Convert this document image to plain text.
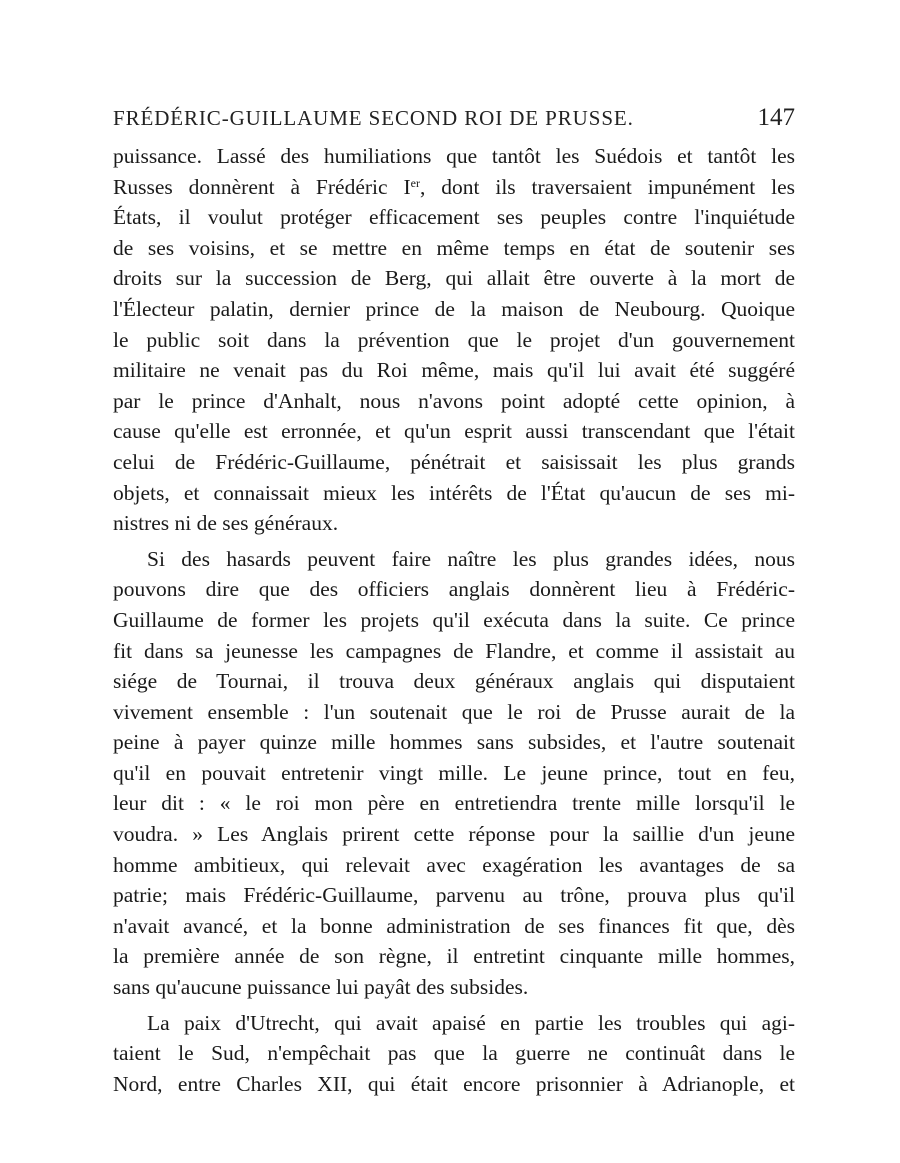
FRÉDÉRIC-GUILLAUME SECOND ROI DE PRUSSE.	147
puissance. Lassé des humiliations que tantôt les Suédois et tantôt les
Russes donnèrent à Frédéric Ier, dont ils traversaient impunément les
États, il voulut protéger efficacement ses peuples contre l'inquiétude
de ses voisins, et se mettre en même temps en état de soutenir ses
droits sur la succession de Berg, qui allait être ouverte à la mort de
l'Électeur palatin, dernier prince de la maison de Neubourg. Quoique
le public soit dans la prévention que le projet d'un gouvernement
militaire ne venait pas du Roi même, mais qu'il lui avait été suggéré
par le prince d'Anhalt, nous n'avons point adopté cette opinion, à
cause qu'elle est erronnée, et qu'un esprit aussi transcendant que l'était
celui de Frédéric-Guillaume, pénétrait et saisissait les plus grands
objets, et connaissait mieux les intérêts de l'État qu'aucun de ses mi-
nistres ni de ses généraux.
Si des hasards peuvent faire naître les plus grandes idées, nous
pouvons dire que des officiers anglais donnèrent lieu à Frédéric-
Guillaume de former les projets qu'il exécuta dans la suite. Ce prince
fit dans sa jeunesse les campagnes de Flandre, et comme il assistait au
siége de Tournai, il trouva deux généraux anglais qui disputaient
vivement ensemble : l'un soutenait que le roi de Prusse aurait de la
peine à payer quinze mille hommes sans subsides, et l'autre soutenait
qu'il en pouvait entretenir vingt mille. Le jeune prince, tout en feu,
leur dit : « le roi mon père en entretiendra trente mille lorsqu'il le
voudra. » Les Anglais prirent cette réponse pour la saillie d'un jeune
homme ambitieux, qui relevait avec exagération les avantages de sa
patrie; mais Frédéric-Guillaume, parvenu au trône, prouva plus qu'il
n'avait avancé, et la bonne administration de ses finances fit que, dès
la première année de son règne, il entretint cinquante mille hommes,
sans qu'aucune puissance lui payât des subsides.
La paix d'Utrecht, qui avait apaisé en partie les troubles qui agi-
taient le Sud, n'empêchait pas que la guerre ne continuât dans le
Nord, entre Charles XII, qui était encore prisonnier à Adrianople, et
